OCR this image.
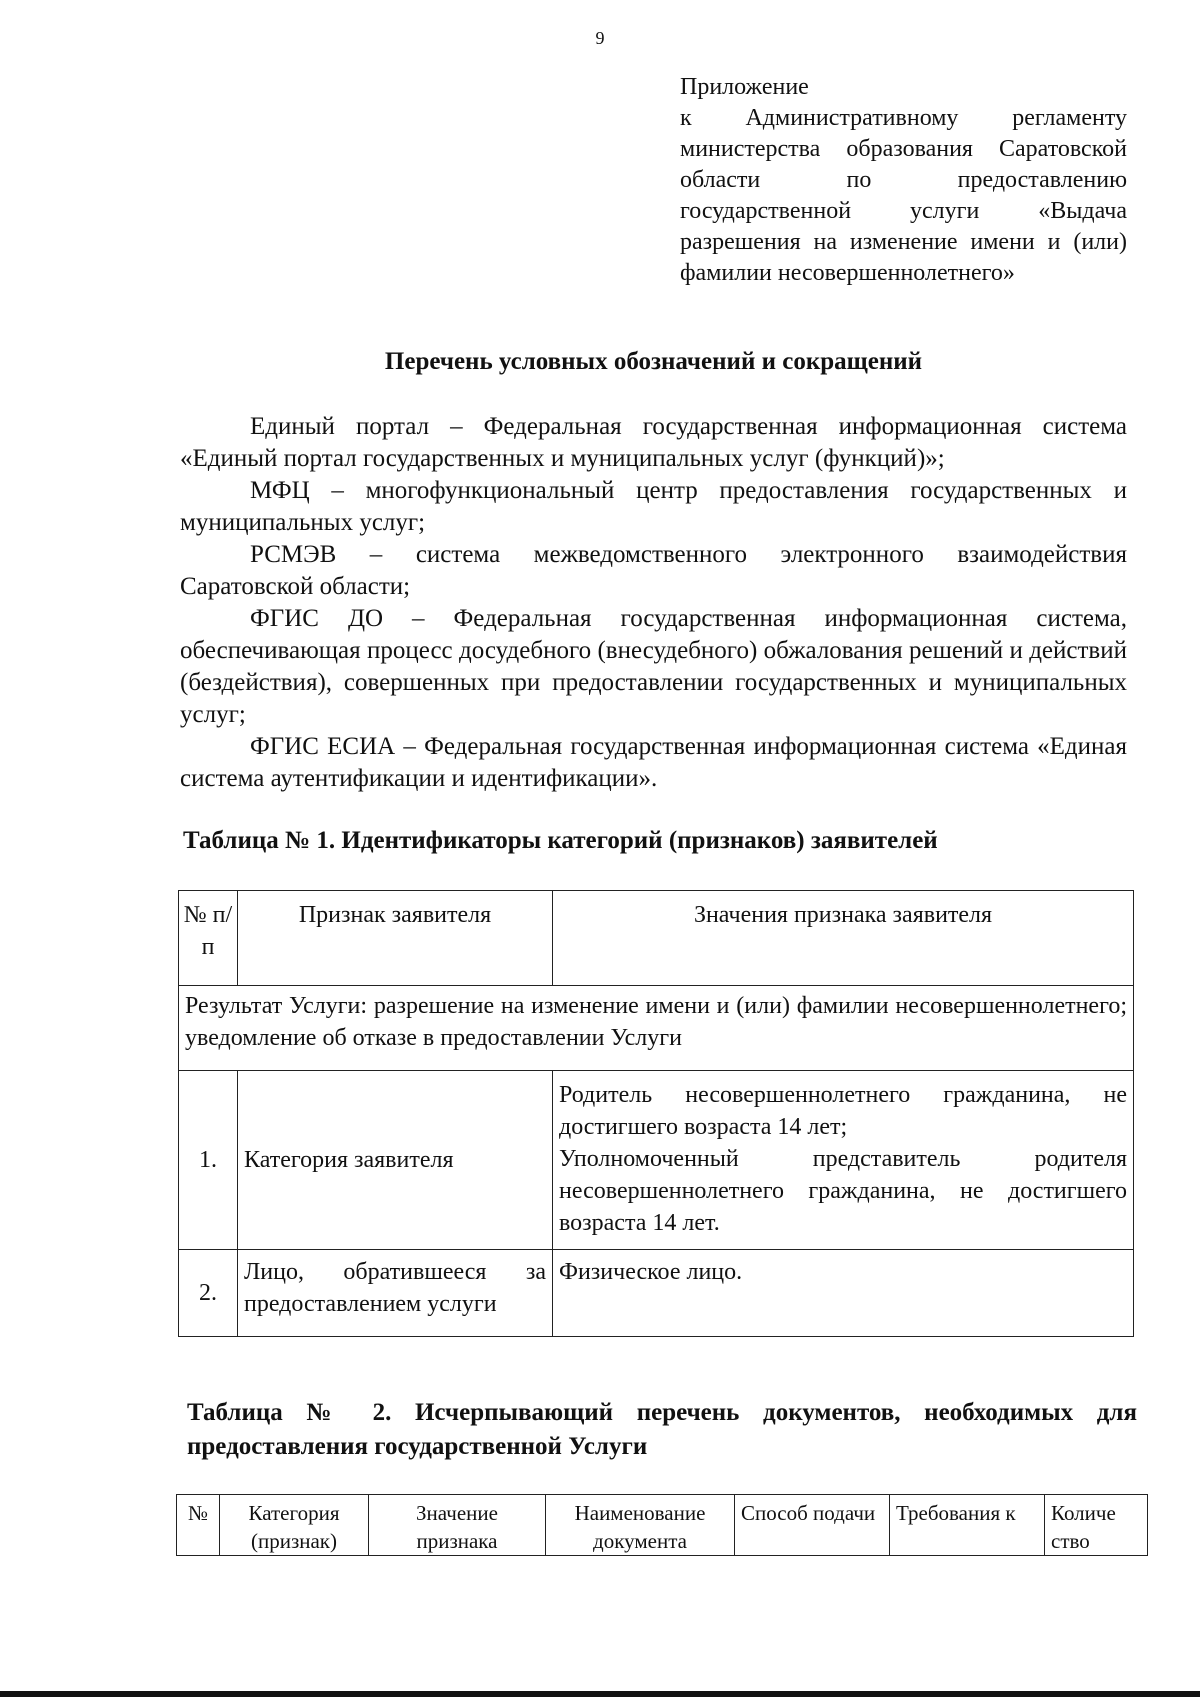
9
Приложение
к Административному регламенту министерства образования Саратовской области по предоставлению государственной услуги «Выдача разрешения на изменение имени и (или) фамилии несовершеннолетнего»
Перечень условных обозначений и сокращений

Единый портал – Федеральная государственная информационная система «Единый портал государственных и муниципальных услуг (функций)»;

МФЦ – многофункциональный центр предоставления государственных и муниципальных услуг;

РСМЭВ – система межведомственного электронного взаимодействия Саратовской области;

ФГИС ДО – Федеральная государственная информационная система, обеспечивающая процесс досудебного (внесудебного) обжалования решений и действий (бездействия), совершенных при предоставлении государственных и муниципальных услуг;

ФГИС ЕСИА – Федеральная государственная информационная система «Единая система аутентификации и идентификации».

Таблица № 1. Идентификаторы категорий (признаков) заявителей
№ п/п	Признак заявителя	Значения признака заявителя
Результат Услуги: разрешение на изменение имени и (или) фамилии несовершеннолетнего; уведомление об отказе в предоставлении Услуги		
1.	Категория заявителя	Родитель несовершеннолетнего гражданина, не достигшего возраста 14 лет;
Уполномоченный представитель родителя несовершеннолетнего гражданина, не достигшего возраста 14 лет.

2.	Лицо, обратившееся за предоставлением услуги	Физическое лицо.
Таблица № 2. Исчерпывающий перечень документов, необходимых для предоставления государственной Услуги
№	Категория (признак)	Значение признака	Наименование документа	Способ подачи	Требования к	Количе ство
